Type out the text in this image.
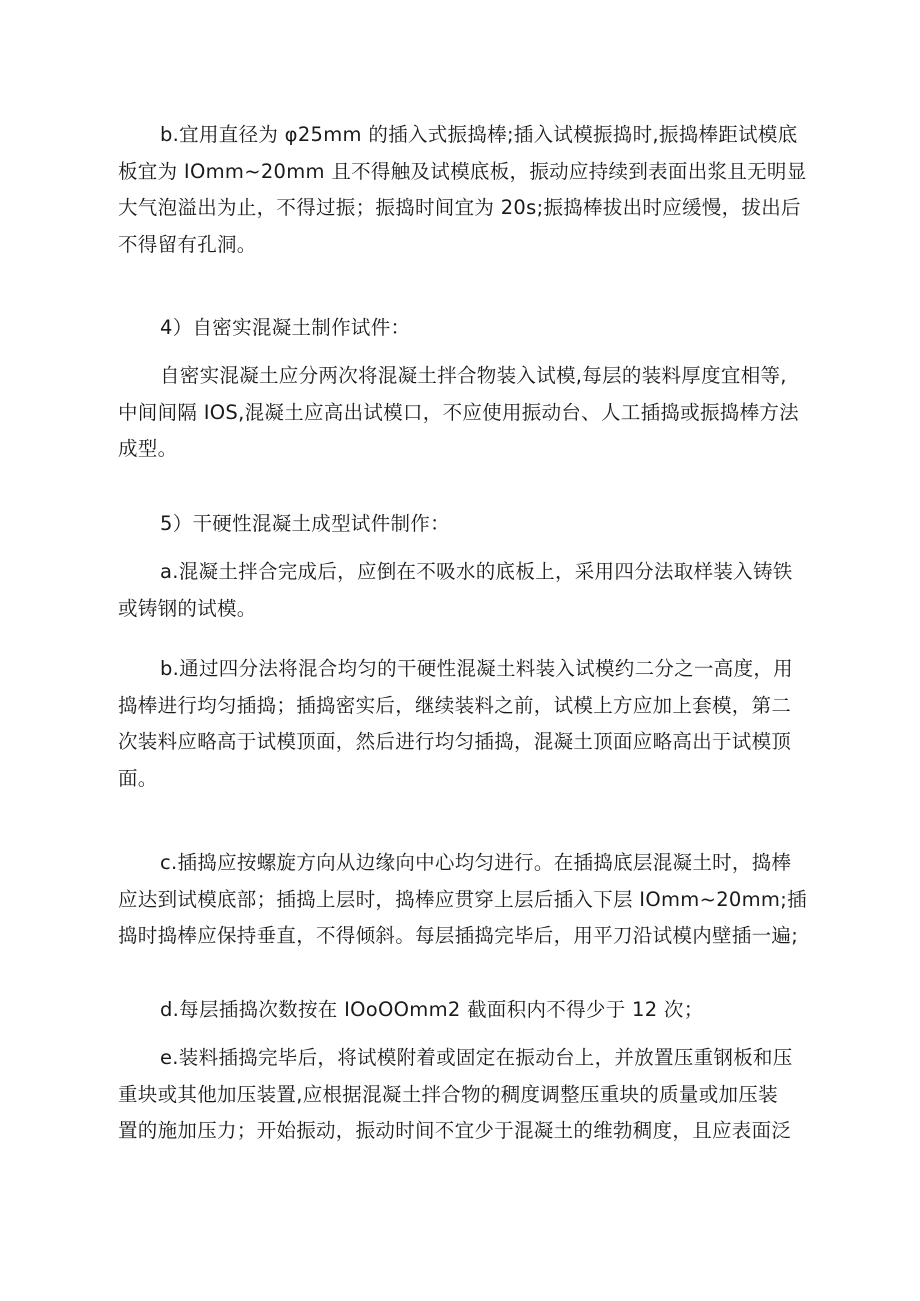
b.宜用直径为 φ25mm 的插入式振捣棒;插入试模振捣时,振捣棒距试模底
板宜为 IOmm~20mm 且不得触及试模底板，振动应持续到表面出浆且无明显
大气泡溢出为止，不得过振；振捣时间宜为 20s;振捣棒拔出时应缓慢，拔出后
不得留有孔洞。

4）自密实混凝土制作试件：

自密实混凝土应分两次将混凝土拌合物装入试模,每层的装料厚度宜相等,
中间间隔 IOS,混凝土应高出试模口，不应使用振动台、人工插捣或振捣棒方法
成型。

5）干硬性混凝土成型试件制作：

a.混凝土拌合完成后，应倒在不吸水的底板上，采用四分法取样装入铸铁
或铸钢的试模。

b.通过四分法将混合均匀的干硬性混凝土料装入试模约二分之一高度，用
捣棒进行均匀插捣；插捣密实后，继续装料之前，试模上方应加上套模，第二
次装料应略高于试模顶面，然后进行均匀插捣，混凝土顶面应略高出于试模顶
面。

c.插捣应按螺旋方向从边缘向中心均匀进行。在插捣底层混凝土时，捣棒
应达到试模底部；插捣上层时，捣棒应贯穿上层后插入下层 IOmm~20mm;插
捣时捣棒应保持垂直，不得倾斜。每层插捣完毕后，用平刀沿试模内壁插一遍;

d.每层插捣次数按在 IOoOOmm2 截面积内不得少于 12 次；

e.装料插捣完毕后，将试模附着或固定在振动台上，并放置压重钢板和压
重块或其他加压装置,应根据混凝土拌合物的稠度调整压重块的质量或加压装
置的施加压力；开始振动，振动时间不宜少于混凝土的维勃稠度，且应表面泛
